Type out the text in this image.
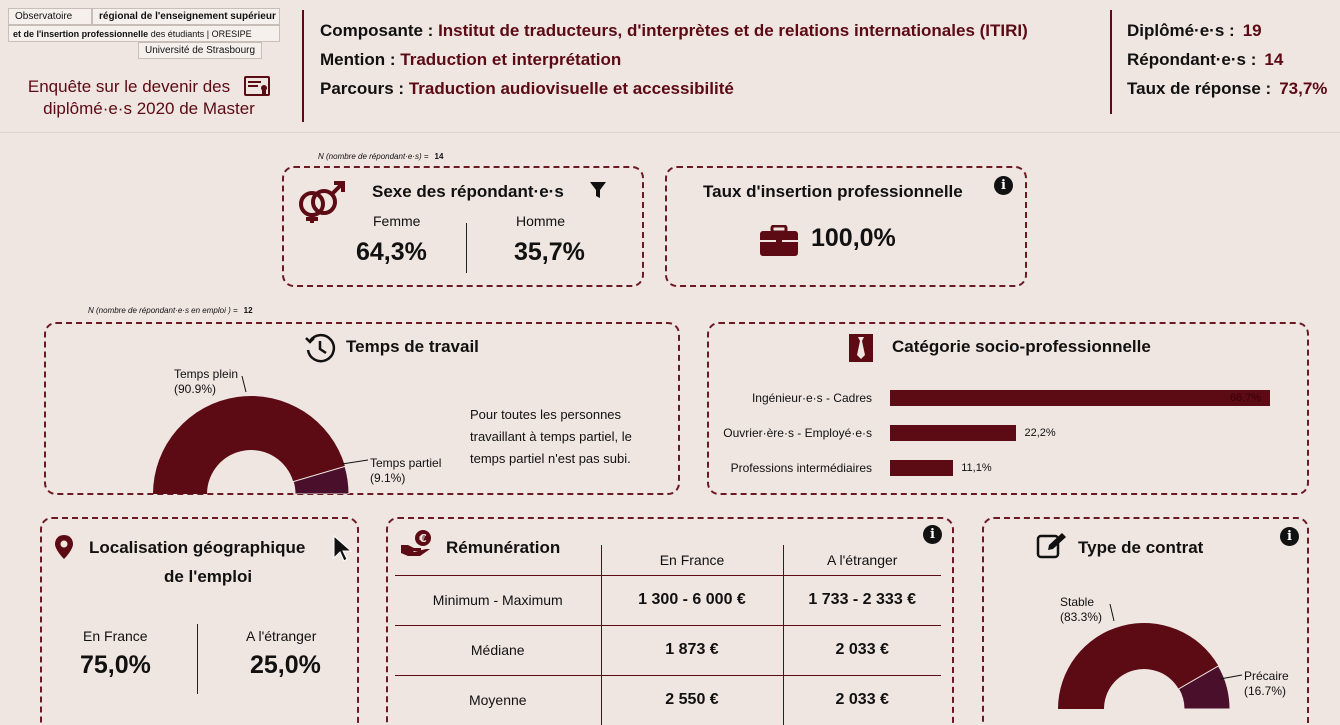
Observatoire	régional de l'enseignement supérieur
et de l'insertion professionnelle
des étudiants
| ORESIPE
Université de Strasbourg
Enquête sur le devenir des
diplômé·e·s 2020 de Master
Composante : Institut de traducteurs, d'interprètes et de relations internationales (ITIRI)
Mention : Traduction et interprétation
Parcours : Traduction audiovisuelle et accessibilité
Diplômé·e·s : 19
Répondant·e·s : 14
Taux de réponse : 73,7%
N (nombre de répondant·e·s) = 14
Sexe des répondant·e·s
Femme
64,3%
Homme
35,7%
Taux d'insertion professionnelle	i
100,0%
N (nombre de répondant·e·s en emploi ) = 12
Temps de travail
Temps plein
(90.9%)
Temps partiel
(9.1%)
Pour toutes les personnes
travaillant à temps partiel, le
temps partiel n'est pas subi.
Catégorie socio-professionnelle
Ingénieur·e·s - Cadres	66,7%
Ouvrier·ère·s - Employé·e·s	22,2%
Professions intermédiaires	11,1%
Localisation géographique
de l'emploi
En France
75,0%
A l'étranger
25,0%
€ Rémunération
i
	En France	A l'étranger
Minimum - Maximum	1 300 - 6 000 €	1 733 - 2 333 €
Médiane	1 873 €	2 033 €
Moyenne	2 550 €	2 033 €
Type de contrat
i
Stable
(83.3%)
Précaire
(16.7%)
